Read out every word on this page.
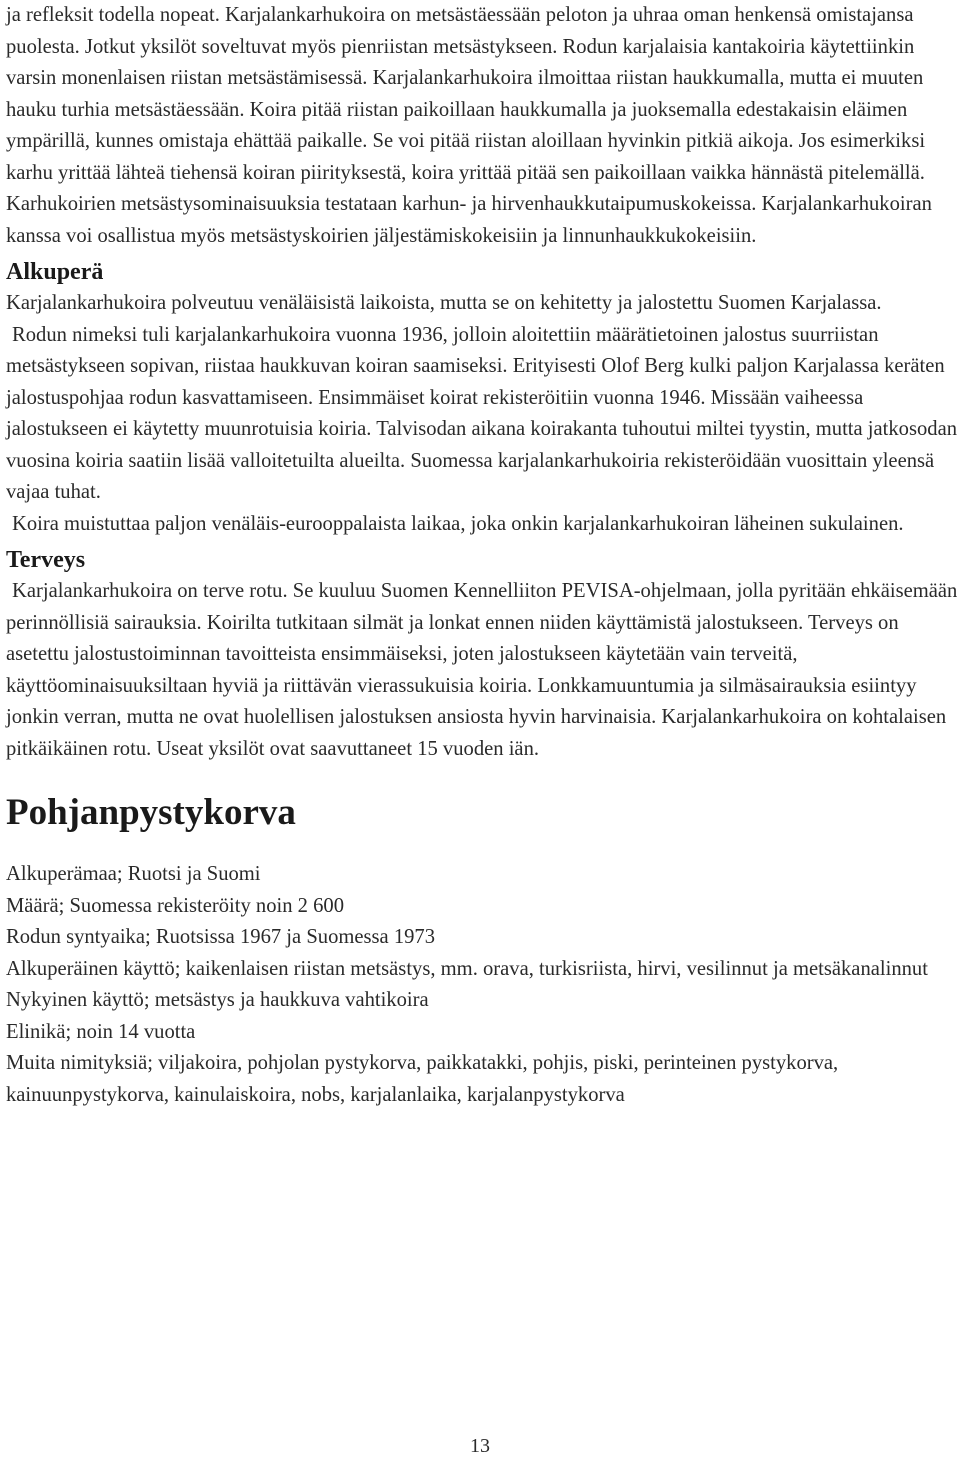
ja refleksit todella nopeat. Karjalankarhukoira on metsästäessään peloton ja uhraa oman henkensä omistajansa puolesta. Jotkut yksilöt soveltuvat myös pienriistan metsästykseen. Rodun karjalaisia kantakoiria käytettiinkin varsin monenlaisen riistan metsästämisessä. Karjalankarhukoira ilmoittaa riistan haukkumalla, mutta ei muuten hauku turhia metsästäessään. Koira pitää riistan paikoillaan haukkumalla ja juoksemalla edestakaisin eläimen ympärillä, kunnes omistaja ehättää paikalle. Se voi pitää riistan aloillaan hyvinkin pitkiä aikoja. Jos esimerkiksi karhu yrittää lähteä tiehensä koiran piirityksestä, koira yrittää pitää sen paikoillaan vaikka hännästä pitelemällä.

Karhukoirien metsästysominaisuuksia testataan karhun- ja hirvenhaukkutaipumuskokeissa. Karjalankarhukoiran kanssa voi osallistua myös metsästyskoirien jäljestämiskokeisiin ja linnunhaukkukokeisiin.

Alkuperä

Karjalankarhukoira polveutuu venäläisistä laikoista, mutta se on kehitetty ja jalostettu Suomen Karjalassa.

Rodun nimeksi tuli karjalankarhukoira vuonna 1936, jolloin aloitettiin määrätietoinen jalostus suurriistan metsästykseen sopivan, riistaa haukkuvan koiran saamiseksi. Erityisesti Olof Berg kulki paljon Karjalassa keräten jalostuspohjaa rodun kasvattamiseen. Ensimmäiset koirat rekisteröitiin vuonna 1946. Missään vaiheessa jalostukseen ei käytetty muunrotuisia koiria. Talvisodan aikana koirakanta tuhoutui miltei tyystin, mutta jatkosodan vuosina koiria saatiin lisää valloitetuilta alueilta. Suomessa karjalankarhukoiria rekisteröidään vuosittain yleensä vajaa tuhat.

Koira muistuttaa paljon venäläis-eurooppalaista laikaa, joka onkin karjalankarhukoiran läheinen sukulainen.

Terveys

Karjalankarhukoira on terve rotu. Se kuuluu Suomen Kennelliiton PEVISA-ohjelmaan, jolla pyritään ehkäisemään perinnöllisiä sairauksia. Koirilta tutkitaan silmät ja lonkat ennen niiden käyttämistä jalostukseen. Terveys on asetettu jalostustoiminnan tavoitteista ensimmäiseksi, joten jalostukseen käytetään vain terveitä, käyttöominaisuuksiltaan hyviä ja riittävän vierassukuisia koiria. Lonkkamuuntumia ja silmäsairauksia esiintyy jonkin verran, mutta ne ovat huolellisen jalostuksen ansiosta hyvin harvinaisia. Karjalankarhukoira on kohtalaisen pitkäikäinen rotu. Useat yksilöt ovat saavuttaneet 15 vuoden iän.

Pohjanpystykorva

Alkuperämaa; Ruotsi ja Suomi

Määrä; Suomessa rekisteröity noin 2 600

Rodun syntyaika; Ruotsissa 1967 ja Suomessa 1973

Alkuperäinen käyttö; kaikenlaisen riistan metsästys, mm. orava, turkisriista, hirvi, vesilinnut ja metsäkanalinnut

Nykyinen käyttö; metsästys ja haukkuva vahtikoira

Elinikä; noin 14 vuotta

Muita nimityksiä; viljakoira, pohjolan pystykorva, paikkatakki, pohjis, piski, perinteinen pystykorva, kainuunpystykorva, kainulaiskoira, nobs, karjalanlaika, karjalanpystykorva

13
